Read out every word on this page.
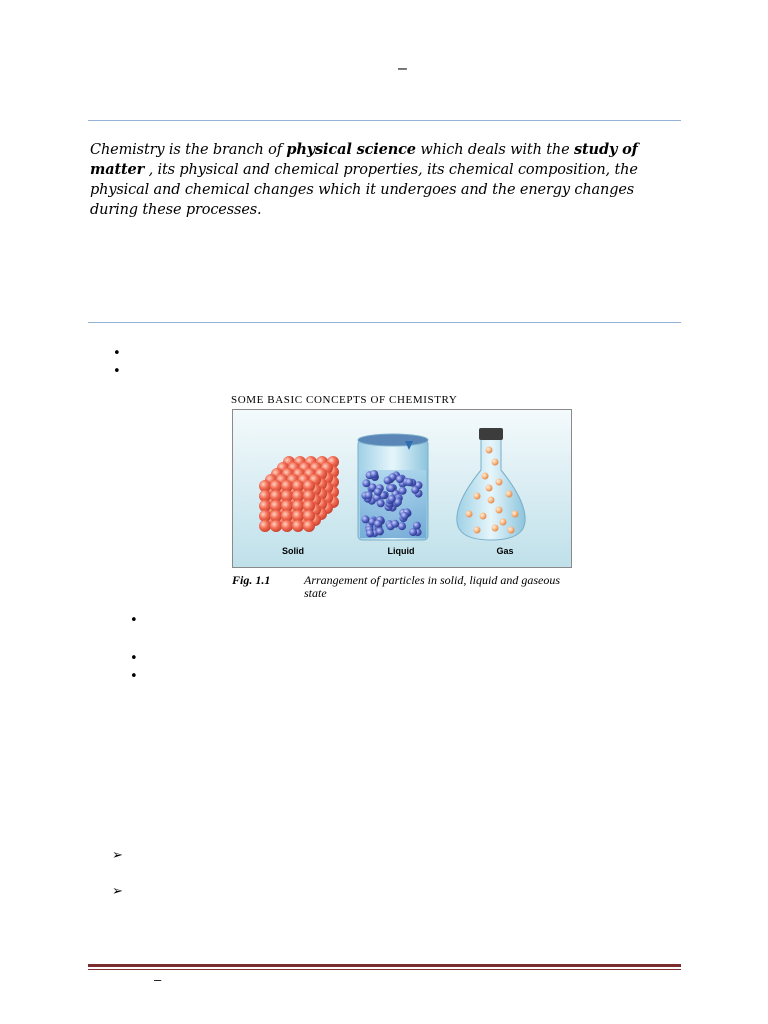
–
Chemistry is the branch of physical science which deals with the study of matter , its physical and chemical properties, its chemical composition, the physical and chemical changes which it undergoes and the energy changes during these processes.
•
•
SOME BASIC CONCEPTS OF CHEMISTRY
Solid	Liquid	Gas
Fig. 1.1	Arrangement of particles in solid, liquid and gaseous state
•
•
•
➢
➢
–
